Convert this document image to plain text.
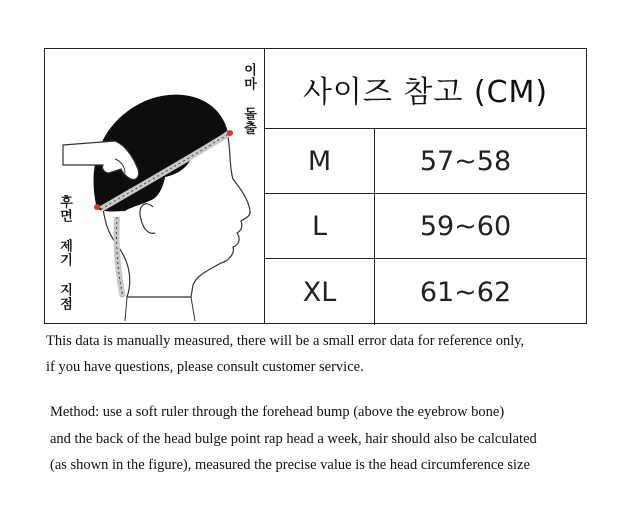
이마 돌출
후면 제기 지점
사이즈 참고 (CM)
M	57~58
L	59~60
XL	61~62
This data is manually measured, there will be a small error data for reference only,
if you have questions, please consult customer service.
Method: use a soft ruler through the forehead bump (above the eyebrow bone)
and the back of the head bulge point rap head a week, hair should also be calculated
(as shown in the figure), measured the precise value is the head circumference size
